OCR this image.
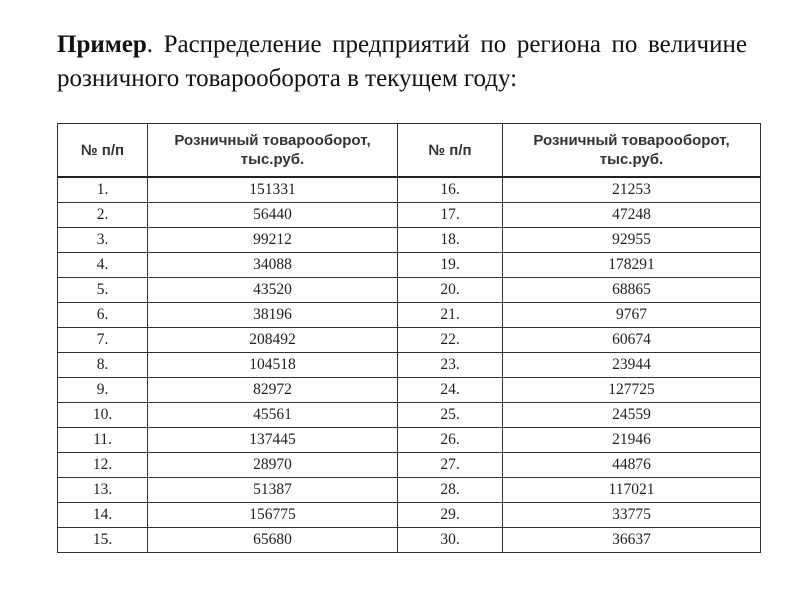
Пример. Распределение предприятий по региона по величине розничного товарооборота в текущем году:
№ п/п	Розничный товарооборот, тыс.руб.	№ п/п	Розничный товарооборот, тыс.руб.
1.	151331	16.	21253
2.	56440	17.	47248
3.	99212	18.	92955
4.	34088	19.	178291
5.	43520	20.	68865
6.	38196	21.	9767
7.	208492	22.	60674
8.	104518	23.	23944
9.	82972	24.	127725
10.	45561	25.	24559
11.	137445	26.	21946
12.	28970	27.	44876
13.	51387	28.	117021
14.	156775	29.	33775
15.	65680	30.	36637
